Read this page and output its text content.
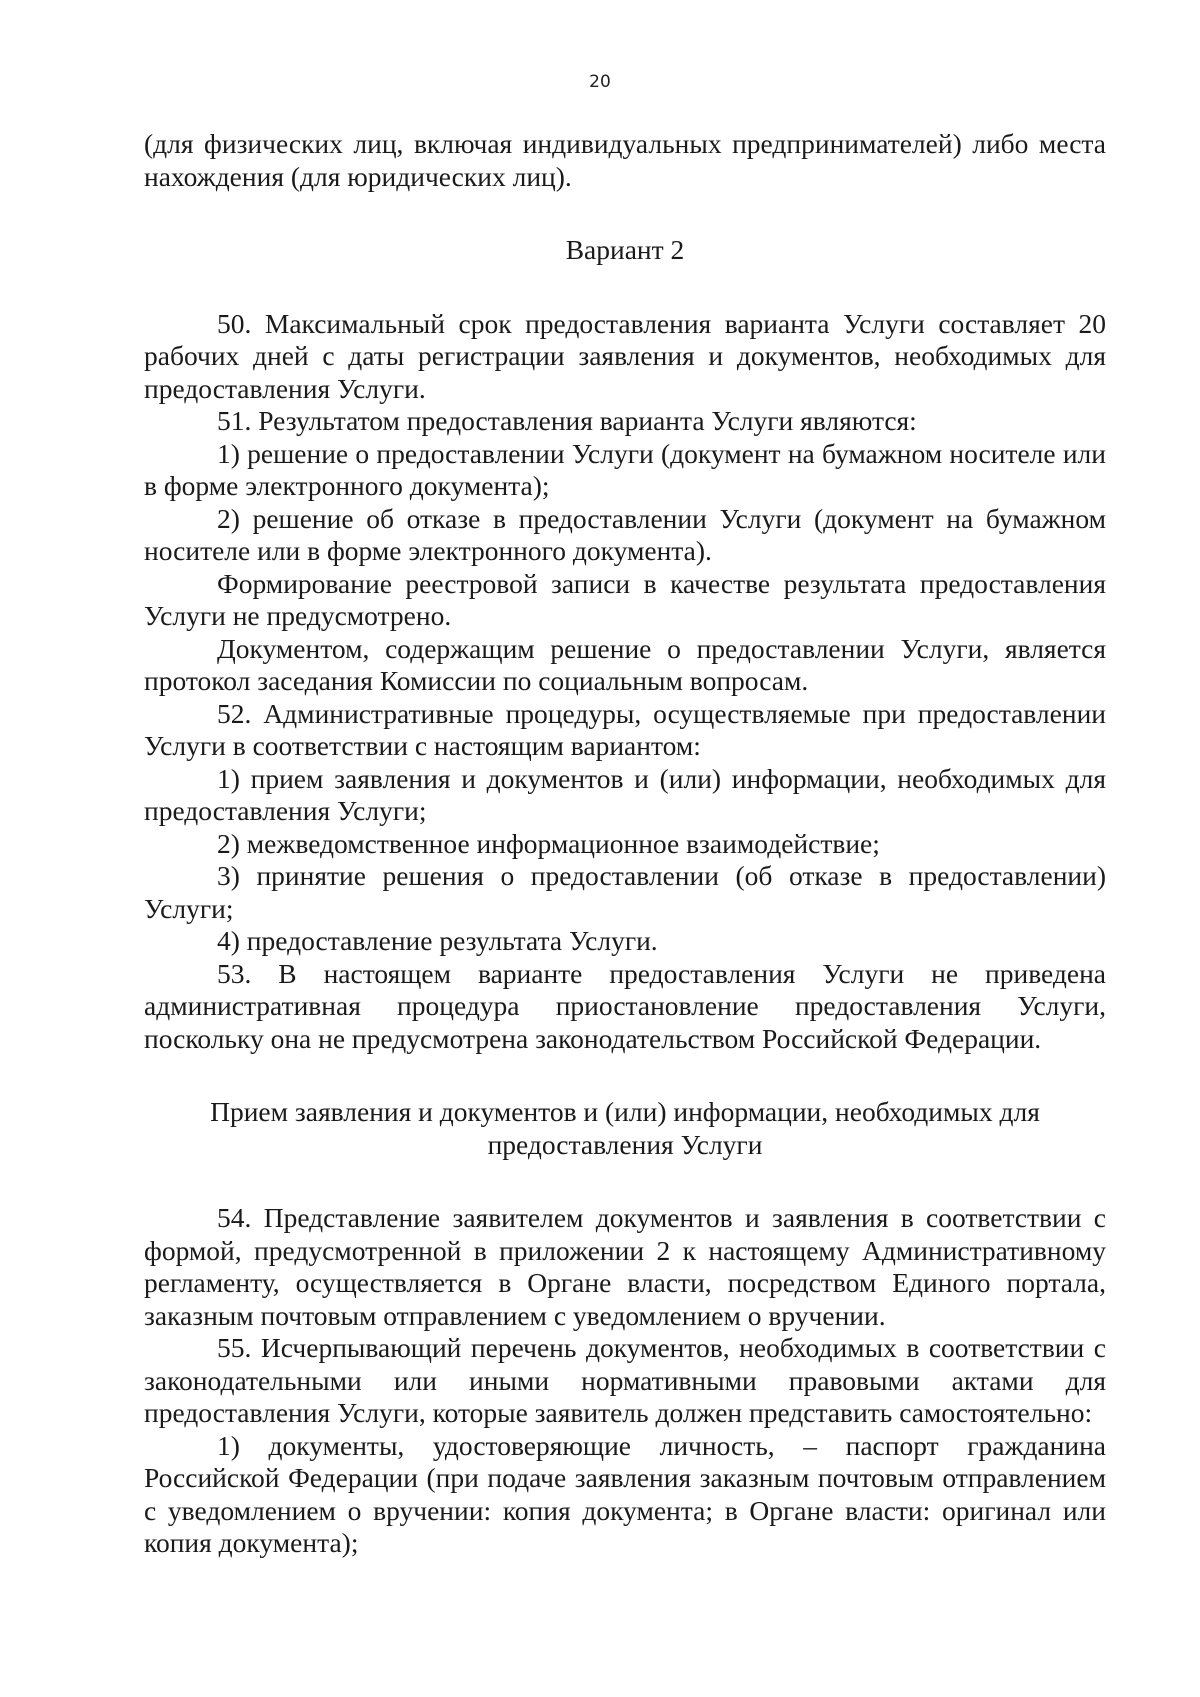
20

(для физических лиц, включая индивидуальных предпринимателей) либо места нахождения (для юридических лиц).

Вариант 2

50. Максимальный срок предоставления варианта Услуги составляет 20 рабочих дней с даты регистрации заявления и документов, необходимых для предоставления Услуги.

51. Результатом предоставления варианта Услуги являются:

1) решение о предоставлении Услуги (документ на бумажном носителе или в форме электронного документа);

2) решение об отказе в предоставлении Услуги (документ на бумажном носителе или в форме электронного документа).

Формирование реестровой записи в качестве результата предоставления Услуги не предусмотрено.

Документом, содержащим решение о предоставлении Услуги, является протокол заседания Комиссии по социальным вопросам.

52. Административные процедуры, осуществляемые при предоставлении Услуги в соответствии с настоящим вариантом:

1) прием заявления и документов и (или) информации, необходимых для предоставления Услуги;

2) межведомственное информационное взаимодействие;

3) принятие решения о предоставлении (об отказе в предоставлении) Услуги;

4) предоставление результата Услуги.

53. В настоящем варианте предоставления Услуги не приведена административная процедура приостановление предоставления Услуги, поскольку она не предусмотрена законодательством Российской Федерации.

Прием заявления и документов и (или) информации, необходимых для
предоставления Услуги

54. Представление заявителем документов и заявления в соответствии с формой, предусмотренной в приложении 2 к настоящему Административному регламенту, осуществляется в Органе власти, посредством Единого портала, заказным почтовым отправлением с уведомлением о вручении.

55. Исчерпывающий перечень документов, необходимых в соответствии с законодательными или иными нормативными правовыми актами для предоставления Услуги, которые заявитель должен представить самостоятельно:

1) документы, удостоверяющие личность, – паспорт гражданина Российской Федерации (при подаче заявления заказным почтовым отправлением с уведомлением о вручении: копия документа; в Органе власти: оригинал или копия документа);
